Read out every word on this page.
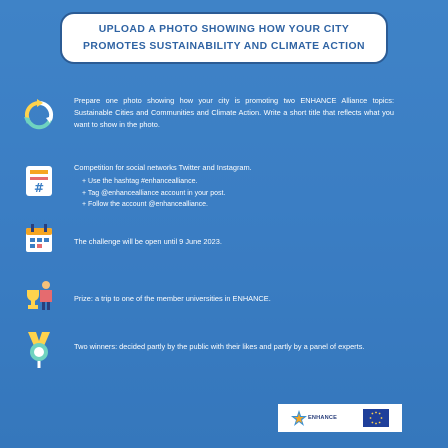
UPLOAD A PHOTO SHOWING HOW YOUR CITY
PROMOTES SUSTAINABILITY AND CLIMATE ACTION
Prepare one photo showing how your city is promoting two ENHANCE Alliance topics: Sustainable Cities and Communities and Climate Action. Write a short title that reflects what you want to show in the photo.
#
Competition for social networks Twitter and Instagram.
+ Use the hashtag #enhancealliance.
+ Tag @enhancealliance account in your post.
+ Follow the account @enhancealliance.
The challenge will be open until 9 June 2023.
Prize: a trip to one of the member universities in ENHANCE.
Two winners: decided partly by the public with their likes and partly by a panel of experts.
ENHANCE
